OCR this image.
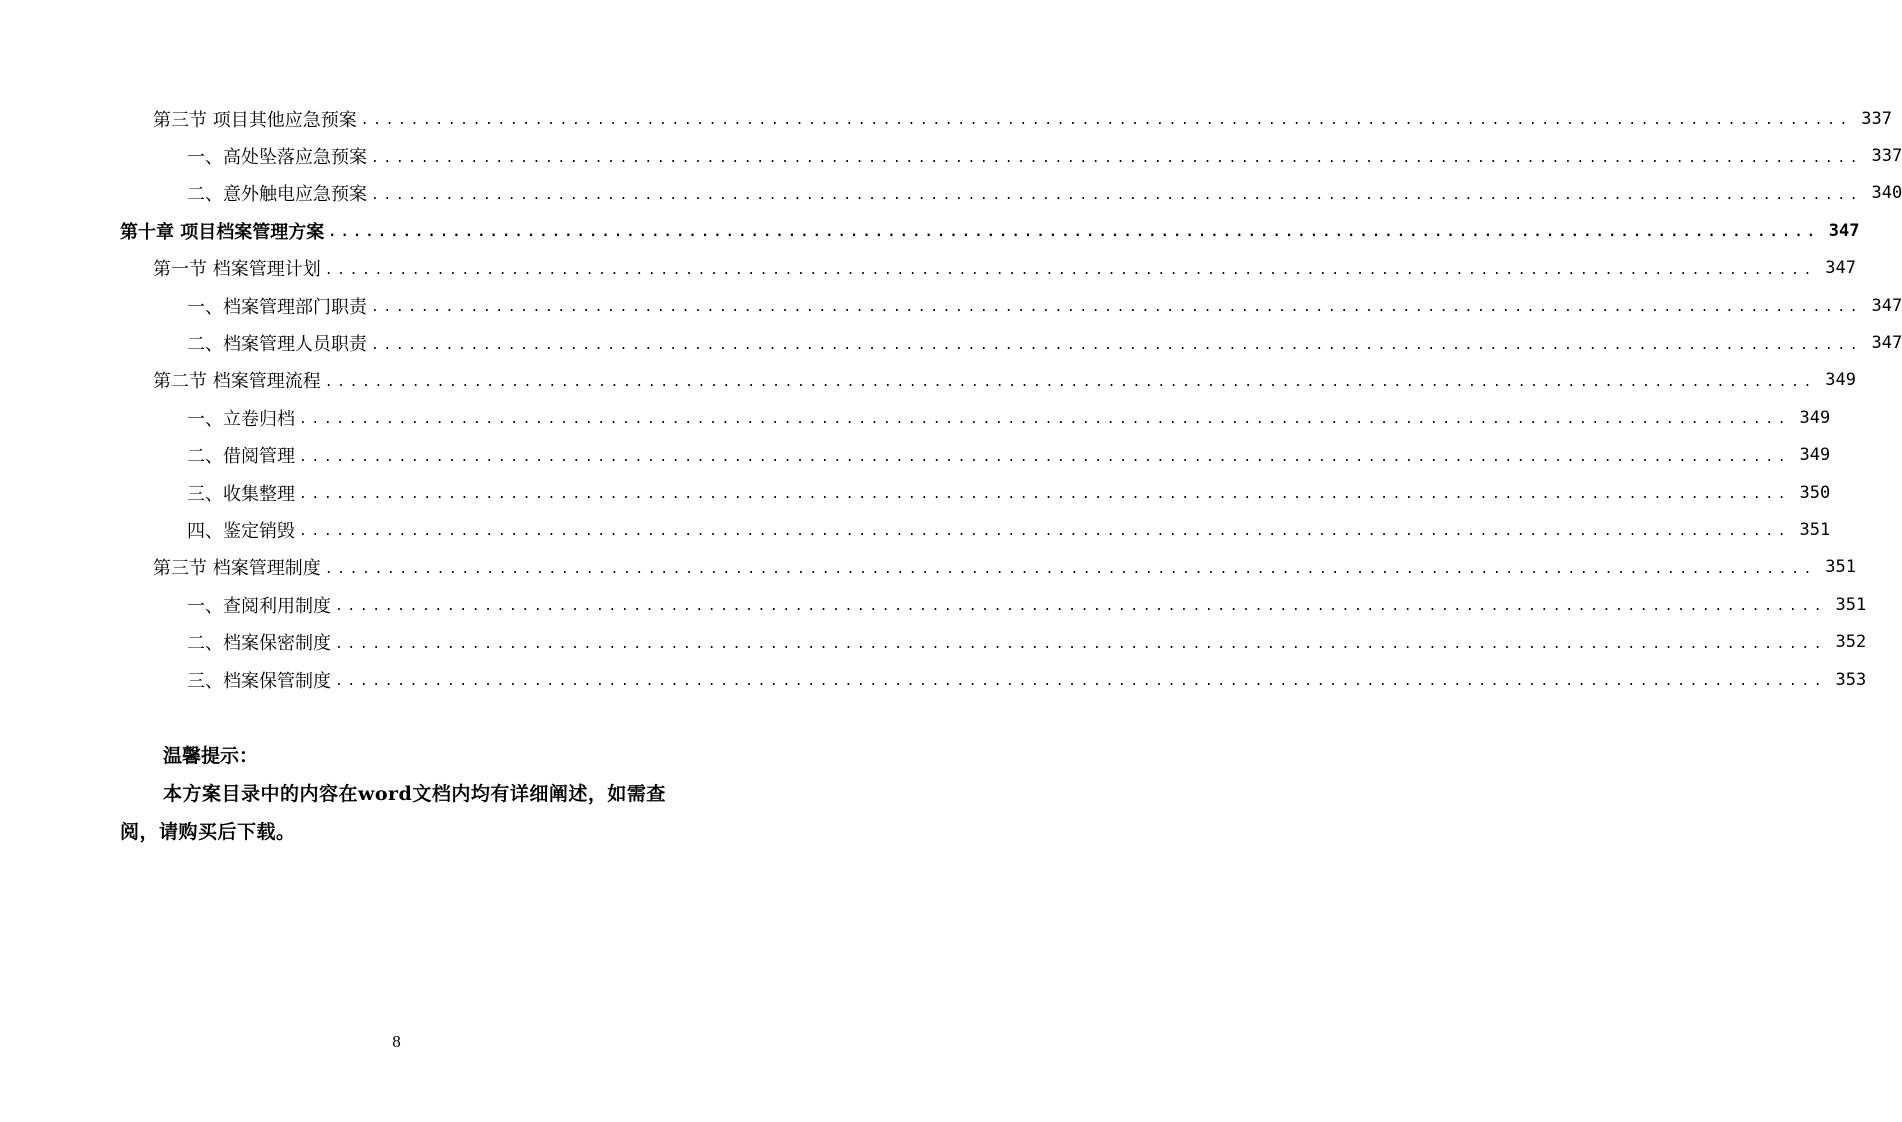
第三节 项目其他应急预案 ........................................................................................................................ 337
一、高处坠落应急预案 ........................................................................................................................ 337
二、意外触电应急预案 ........................................................................................................................ 340
第十章 项目档案管理方案 ........................................................................................................................ 347
第一节 档案管理计划 ........................................................................................................................ 347
一、档案管理部门职责 ........................................................................................................................ 347
二、档案管理人员职责 ........................................................................................................................ 347
第二节 档案管理流程 ........................................................................................................................ 349
一、立卷归档 ........................................................................................................................ 349
二、借阅管理 ........................................................................................................................ 349
三、收集整理 ........................................................................................................................ 350
四、鉴定销毁 ........................................................................................................................ 351
第三节 档案管理制度 ........................................................................................................................ 351
一、查阅利用制度 ........................................................................................................................ 351
二、档案保密制度 ........................................................................................................................ 352
三、档案保管制度 ........................................................................................................................ 353
温馨提示：
本方案目录中的内容在word文档内均有详细阐述，如需查阅，请购买后下载。
8
